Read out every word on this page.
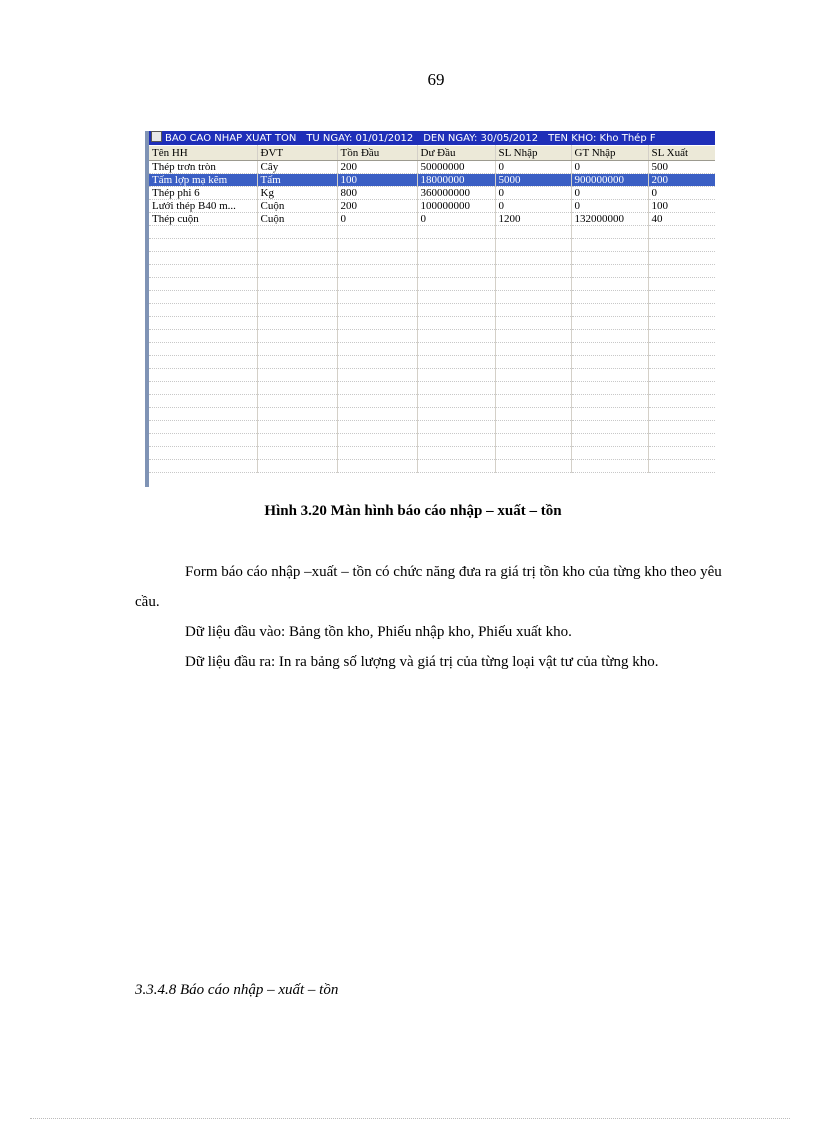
69
BAO CAO NHAP XUAT TON TU NGAY: 01/01/2012 DEN NGAY: 30/05/2012 TEN KHO: Kho Thép F
Tên HH	ĐVT	Tồn Đầu	Dư Đầu	SL Nhập	GT Nhập	SL Xuất
Thép trơn tròn	Cây	200	50000000	0	0	500
Tấm lợp mạ kẽm	Tấm	100	18000000	5000	900000000	200
Thép phi 6	Kg	800	360000000	0	0	0
Lưới thép B40 m...	Cuộn	200	100000000	0	0	100
Thép cuộn	Cuộn	0	0	1200	132000000	40

Hình 3.20 Màn hình báo cáo nhập – xuất – tồn

Form báo cáo nhập –xuất – tồn có chức năng đưa ra giá trị tồn kho của từng kho theo yêu cầu.

Dữ liệu đầu vào: Bảng tồn kho, Phiếu nhập kho, Phiếu xuất kho.

Dữ liệu đầu ra: In ra bảng số lượng và giá trị của từng loại vật tư của từng kho.

3.3.4.8 Báo cáo nhập – xuất – tồn
